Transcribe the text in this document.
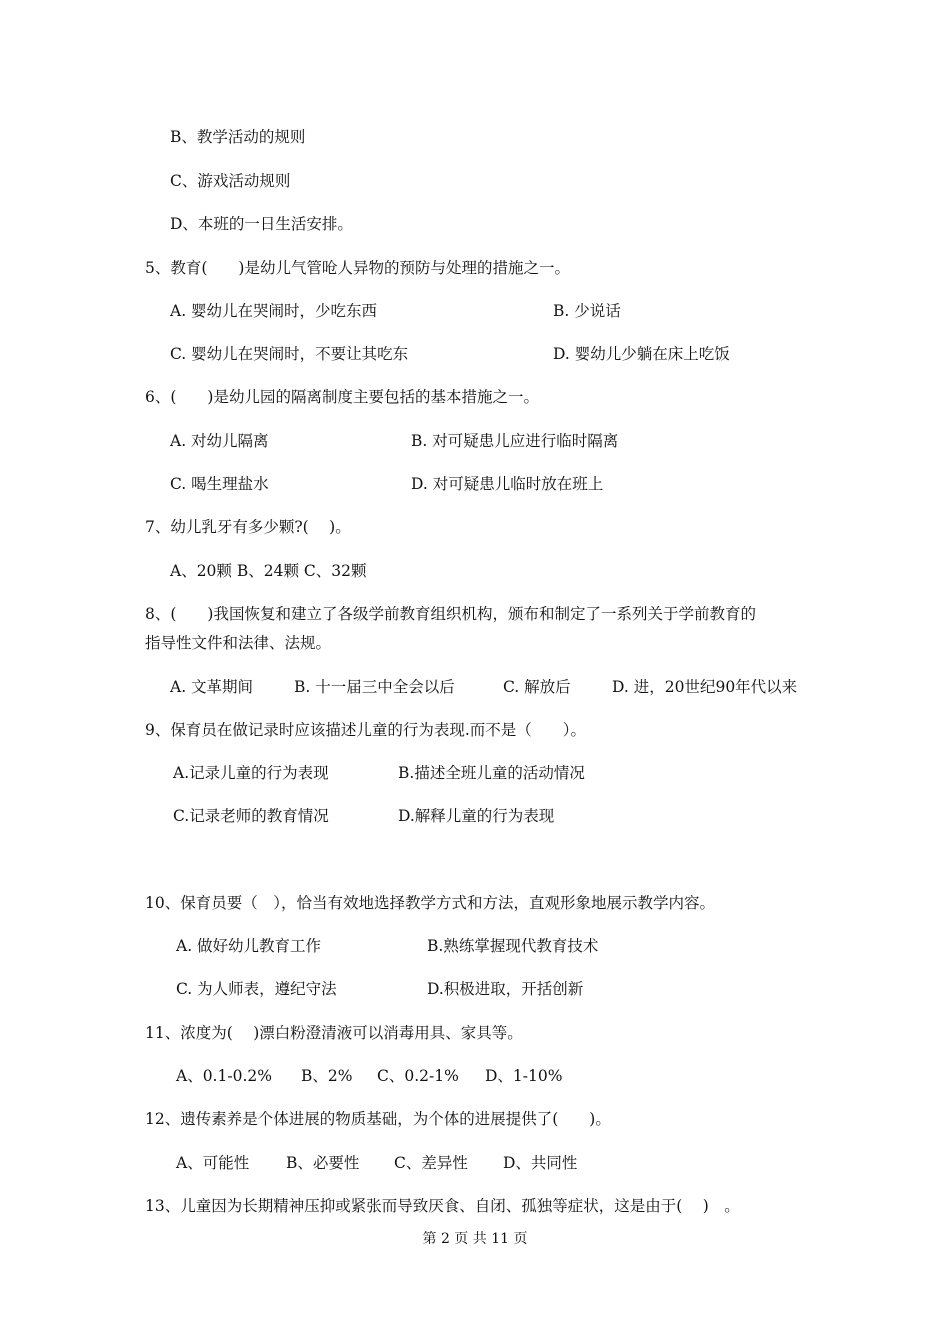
B、教学活动的规则
C、游戏活动规则
D、本班的一日生活安排。
5、教育(　　)是幼儿气管呛人异物的预防与处理的措施之一。
A. 婴幼儿在哭闹时，少吃东西	B. 少说话
C. 婴幼儿在哭闹时，不要让其吃东	D. 婴幼儿少躺在床上吃饭
6、(　　)是幼儿园的隔离制度主要包括的基本措施之一。
A. 对幼儿隔离	B. 对可疑患儿应进行临时隔离
C. 喝生理盐水	D. 对可疑患儿临时放在班上
7、幼儿乳牙有多少颗?(　 )。
A、20颗 B、24颗 C、32颗
8、(　　)我国恢复和建立了各级学前教育组织机构，颁布和制定了一系列关于学前教育的
指导性文件和法律、法规。
A. 文革期间	B. 十一届三中全会以后	C. 解放后	D. 进，20世纪90年代以来
9、保育员在做记录时应该描述儿童的行为表现.而不是（　　）。
A.记录儿童的行为表现	B.描述全班儿童的活动情况
C.记录老师的教育情况	D.解释儿童的行为表现
10、保育员要（　），恰当有效地选择教学方式和方法，直观形象地展示教学内容。
A. 做好幼儿教育工作	B.熟练掌握现代教育技术
C. 为人师表，遵纪守法	D.积极进取，开括创新
11、浓度为(　 )漂白粉澄清液可以消毒用具、家具等。
A、0.1-0.2% B、2% C、0.2-1% D、1-10%
12、遗传素养是个体进展的物质基础，为个体的进展提供了(　　)。
A、可能性 B、必要性 C、差异性 D、共同性
13、儿童因为长期精神压抑或紧张而导致厌食、自闭、孤独等症状，这是由于(　 )　。
第 2 页 共 11 页
